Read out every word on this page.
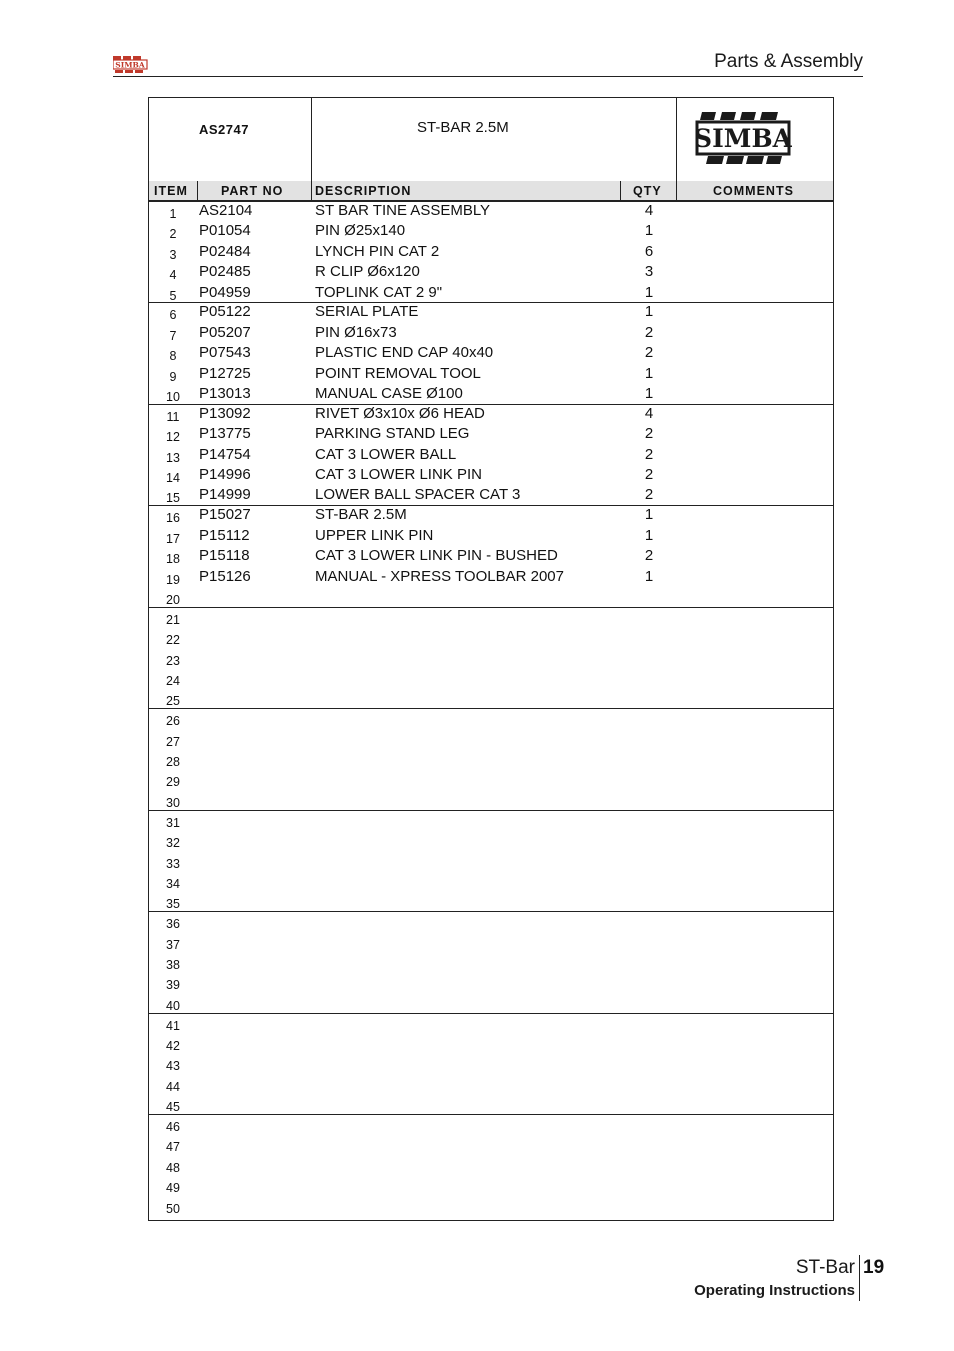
SIMBA	Parts & Assembly
AS2747	ST-BAR 2.5M	SIMBA
ITEM	PART NO	DESCRIPTION	QTY	COMMENTS
1	AS2104	ST BAR TINE ASSEMBLY	4
2	P01054	PIN Ø25x140	1
3	P02484	LYNCH PIN CAT 2	6
4	P02485	R CLIP Ø6x120	3
5	P04959	TOPLINK CAT 2 9"	1
6	P05122	SERIAL PLATE	1
7	P05207	PIN Ø16x73	2
8	P07543	PLASTIC END CAP 40x40	2
9	P12725	POINT REMOVAL TOOL	1
10	P13013	MANUAL CASE Ø100	1
11	P13092	RIVET Ø3x10x Ø6 HEAD	4
12	P13775	PARKING STAND LEG	2
13	P14754	CAT 3 LOWER BALL	2
14	P14996	CAT 3 LOWER LINK PIN	2
15	P14999	LOWER BALL SPACER CAT 3	2
16	P15027	ST-BAR 2.5M	1
17	P15112	UPPER LINK PIN	1
18	P15118	CAT 3 LOWER LINK PIN - BUSHED	2
19	P15126	MANUAL - XPRESS TOOLBAR 2007	1
20
21
22
23
24
25
26
27
28
29
30
31
32
33
34
35
36
37
38
39
40
41
42
43
44
45
46
47
48
49
50
ST-Bar 19
Operating Instructions
